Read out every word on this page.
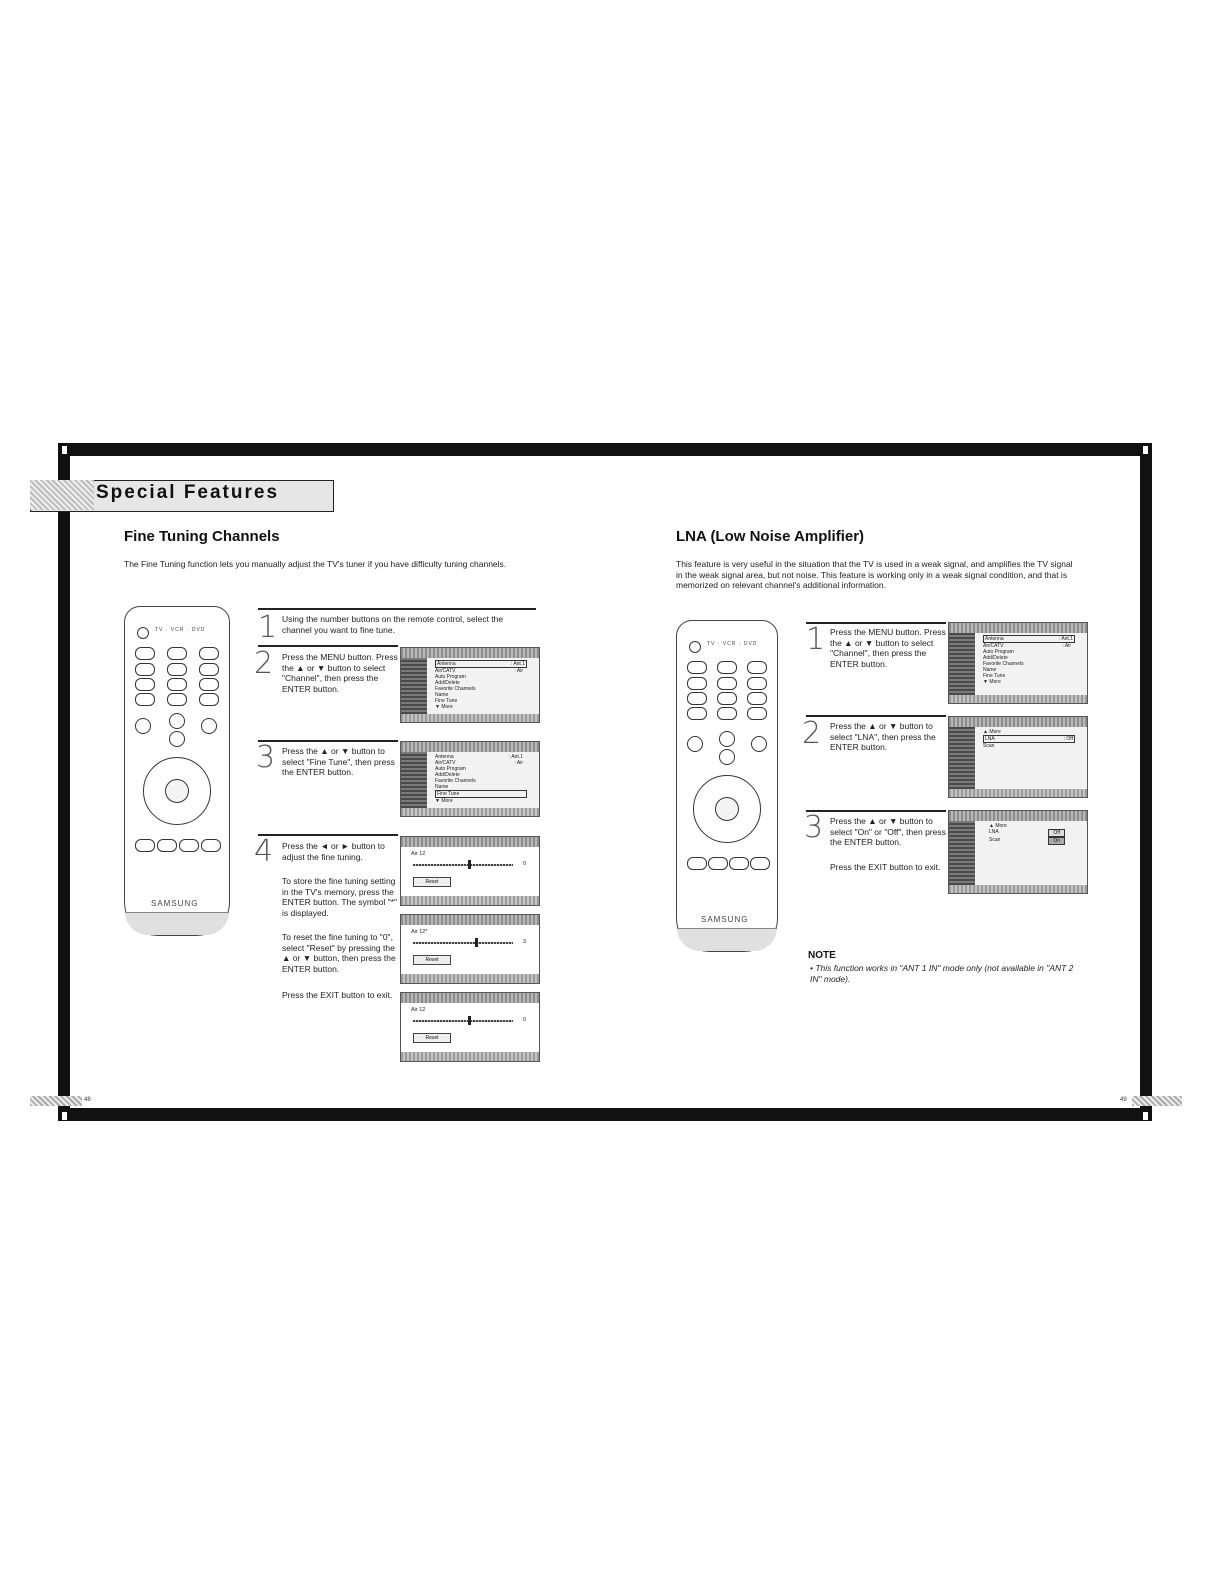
Special Features
Fine Tuning Channels
The Fine Tuning function lets you manually adjust the TV's tuner if you have difficulty tuning channels.
TV · VCR · DVD
SAMSUNG
1 Using the number buttons on the remote control, select the channel you want to fine tune.
2 Press the MENU button. Press the ▲ or ▼ button to select "Channel", then press the ENTER button.
Antenna	: Ant.1
Air/CATV	: Air
Auto Program
Add/Delete
Favorite Channels
Name
Fine Tune
▼ More
3 Press the ▲ or ▼ button to select "Fine Tune", then press the ENTER button.
Antenna	: Ant.1
Air/CATV	: Air
Auto Program
Add/Delete
Favorite Channels
Name
Fine Tune
▼ More
4 Press the ◄ or ► button to adjust the fine tuning.
To store the fine tuning setting in the TV's memory, press the ENTER button. The symbol "*" is displayed.
To reset the fine tuning to "0", select "Reset" by pressing the ▲ or ▼ button, then press the ENTER button.
Press the EXIT button to exit.
Air 12
0
Reset
Air 12*
3
Reset
Air 12
0
Reset
LNA (Low Noise Amplifier)
This feature is very useful in the situation that the TV is used in a weak signal, and amplifies the TV signal in the weak signal area, but not noise. This feature is working only in a weak signal condition, and that is memorized on relevant channel's additional information.
TV · VCR · DVD
SAMSUNG
1 Press the MENU button. Press the ▲ or ▼ button to select "Channel", then press the ENTER button.
Antenna	: Ant.1
Air/CATV	: Air
Auto Program
Add/Delete
Favorite Channels
Name
Fine Tune
▼ More
2 Press the ▲ or ▼ button to select "LNA", then press the ENTER button.
▲ More
LNA	: Off
Scan
3 Press the ▲ or ▼ button to select "On" or "Off", then press the ENTER button.
Press the EXIT button to exit.
▲ More
LNA	Off
Scan	On
NOTE
• This function works in "ANT 1 IN" mode only (not available in "ANT 2 IN" mode).
48	49
